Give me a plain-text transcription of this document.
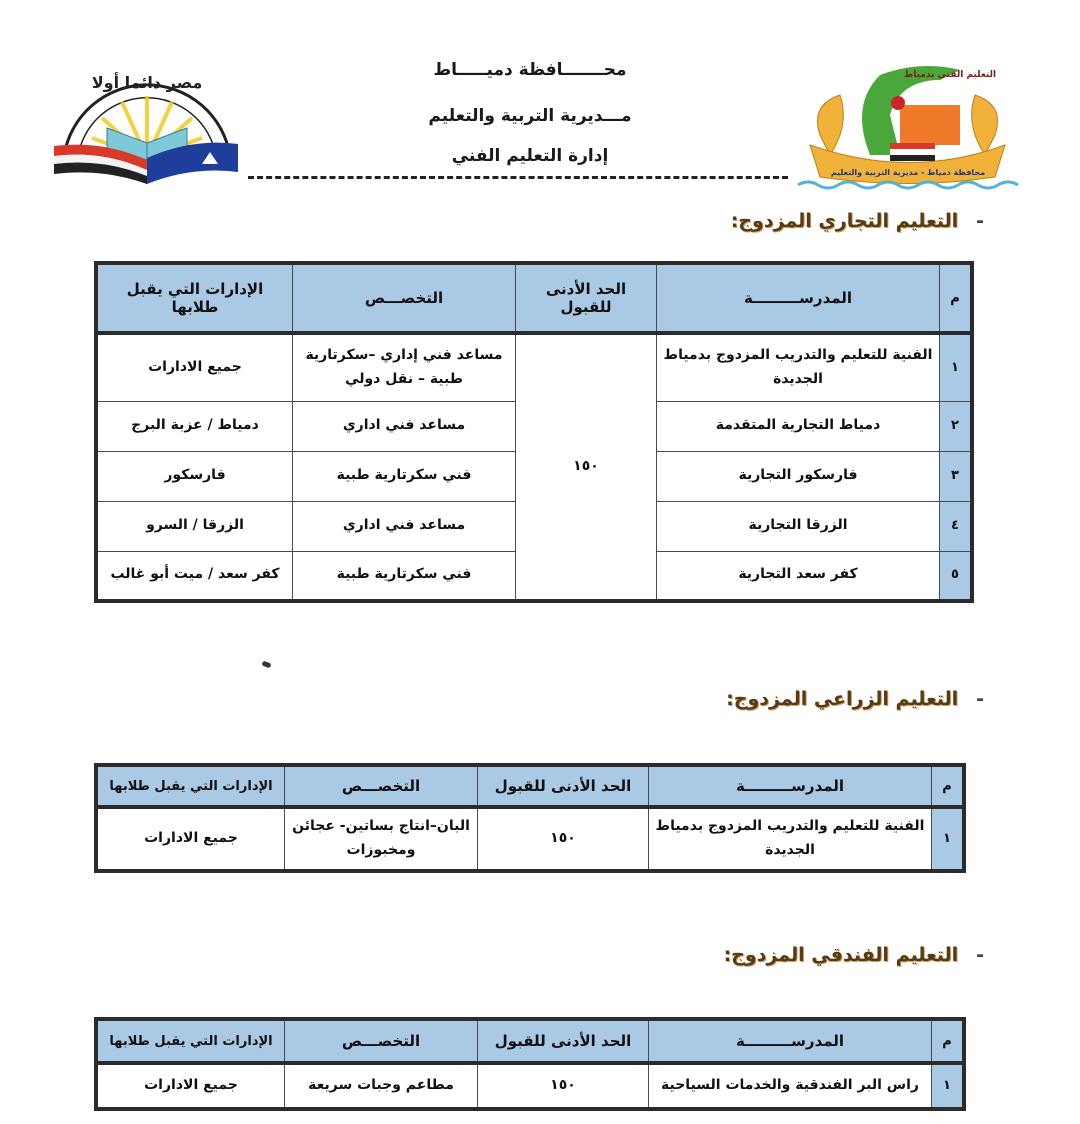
مصر دائما أولا	التعليم الفني بدمياط
محافظة دمياط - مديرية التربية والتعليم
محـــــــافظة دميـــــاط
مـــديرية التربية والتعليم
إدارة التعليم الفني
-التعليم التجاري المزدوج:
م	المدرســـــــــة	الحد الأدنى للقبول	التخصـــص	الإدارات التي يقبل طلابها
١	الفنية للتعليم والتدريب المزدوج بدمياط الجديدة	١٥٠	مساعد فني إداري –سكرتارية طبية – نقل دولي	جميع الادارات
٢	دمياط التجارية المتقدمة		مساعد فني اداري	دمياط / عزبة البرج
٣	فارسكور التجارية		فني سكرتارية طبية	فارسكور
٤	الزرقا التجارية		مساعد فني اداري	الزرقا / السرو
٥	كفر سعد التجارية		فني سكرتارية طبية	كفر سعد / ميت أبو غالب
-التعليم الزراعي المزدوج:
م	المدرســـــــــة	الحد الأدنى للقبول	التخصـــص	الإدارات التي يقبل طلابها
١	الفنية للتعليم والتدريب المزدوج بدمياط الجديدة	١٥٠	البان–انتاج بساتين- عجائن ومخبوزات	جميع الادارات
-التعليم الفندقي المزدوج:
م	المدرســـــــــة	الحد الأدنى للقبول	التخصـــص	الإدارات التي يقبل طلابها
١	راس البر الفندقية والخدمات السياحية	١٥٠	مطاعم وجبات سريعة	جميع الادارات
